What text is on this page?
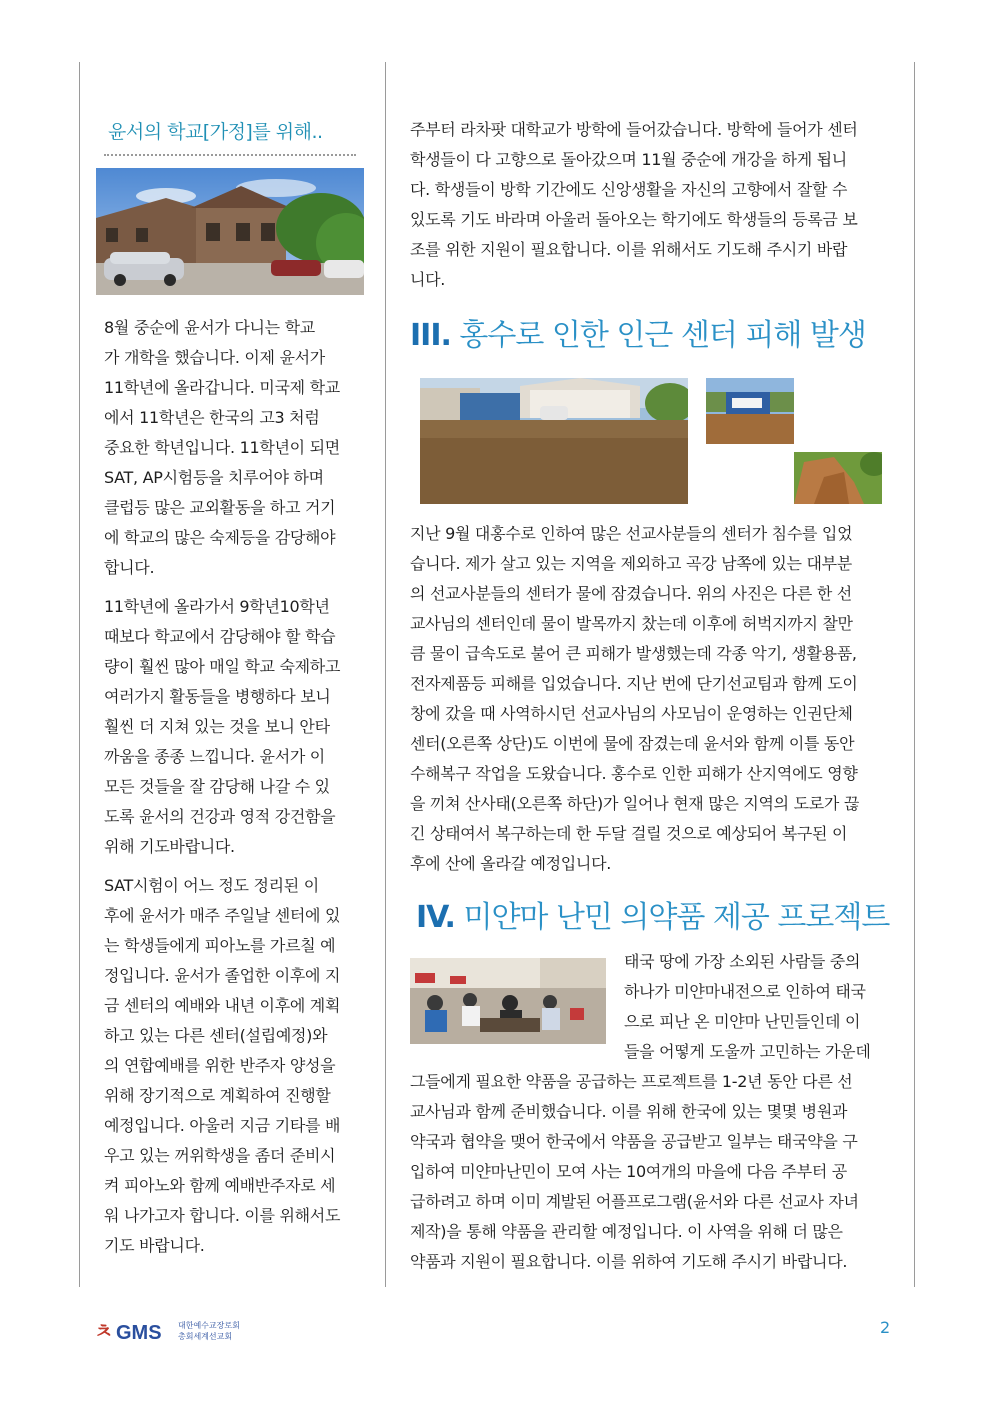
윤서의 학교[가정]를 위해..
8월 중순에 윤서가 다니는 학교
가 개학을 했습니다. 이제 윤서가
11학년에 올라갑니다. 미국제 학교
에서 11학년은 한국의 고3 처럼
중요한 학년입니다. 11학년이 되면
SAT, AP시험등을 치루어야 하며
클럽등 많은 교외활동을 하고 거기
에 학교의 많은 숙제등을 감당해야
합니다.
11학년에 올라가서 9학년10학년
때보다 학교에서 감당해야 할 학습
량이 훨씬 많아 매일 학교 숙제하고
여러가지 활동들을 병행하다 보니
훨씬 더 지쳐 있는 것을 보니 안타
까움을 종종 느낍니다. 윤서가 이
모든 것들을 잘 감당해 나갈 수 있
도록 윤서의 건강과 영적 강건함을
위해 기도바랍니다.
SAT시험이 어느 정도 정리된 이
후에 윤서가 매주 주일날 센터에 있
는 학생들에게 피아노를 가르칠 예
정입니다. 윤서가 졸업한 이후에 지
금 센터의 예배와 내년 이후에 계획
하고 있는 다른 센터(설립예정)와
의 연합예배를 위한 반주자 양성을
위해 장기적으로 계획하여 진행할
예정입니다. 아울러 지금 기타를 배
우고 있는 꺼위학생을 좀더 준비시
켜 피아노와 함께 예배반주자로 세
워 나가고자 합니다. 이를 위해서도
기도 바랍니다.
주부터 라차팟 대학교가 방학에 들어갔습니다. 방학에 들어가 센터
학생들이 다 고향으로 돌아갔으며 11월 중순에 개강을 하게 됩니
다. 학생들이 방학 기간에도 신앙생활을 자신의 고향에서 잘할 수
있도록 기도 바라며 아울러 돌아오는 학기에도 학생들의 등록금 보
조를 위한 지원이 필요합니다. 이를 위해서도 기도해 주시기 바랍
니다.
III. 홍수로 인한 인근 센터 피해 발생
지난 9월 대홍수로 인하여 많은 선교사분들의 센터가 침수를 입었
습니다. 제가 살고 있는 지역을 제외하고 곡강 남쪽에 있는 대부분
의 선교사분들의 센터가 물에 잠겼습니다. 위의 사진은 다른 한 선
교사님의 센터인데 물이 발목까지 찼는데 이후에 허벅지까지 찰만
큼 물이 급속도로 불어 큰 피해가 발생했는데 각종 악기, 생활용품,
전자제품등 피해를 입었습니다. 지난 번에 단기선교팀과 함께 도이
창에 갔을 때 사역하시던 선교사님의 사모님이 운영하는 인권단체
센터(오른쪽 상단)도 이번에 물에 잠겼는데 윤서와 함께 이틀 동안
수해복구 작업을 도왔습니다. 홍수로 인한 피해가 산지역에도 영향
을 끼쳐 산사태(오른쪽 하단)가 일어나 현재 많은 지역의 도로가 끊
긴 상태여서 복구하는데 한 두달 걸릴 것으로 예상되어 복구된 이
후에 산에 올라갈 예정입니다.
IV. 미얀마 난민 의약품 제공 프로젝트
태국 땅에 가장 소외된 사람들 중의
하나가 미얀마내전으로 인하여 태국
으로 피난 온 미얀마 난민들인데 이
들을 어떻게 도울까 고민하는 가운데
그들에게 필요한 약품을 공급하는 프로젝트를 1-2년 동안 다른 선
교사님과 함께 준비했습니다. 이를 위해 한국에 있는 몇몇 병원과
약국과 협약을 맺어 한국에서 약품을 공급받고 일부는 태국약을 구
입하여 미얀마난민이 모여 사는 10여개의 마을에 다음 주부터 공
급하려고 하며 이미 계발된 어플프로그램(윤서와 다른 선교사 자녀
제작)을 통해 약품을 관리할 예정입니다. 이 사역을 위해 더 많은
약품과 지원이 필요합니다. 이를 위하여 기도해 주시기 바랍니다.
ㅊ GMS 대한예수교장로회
총회세계선교회	2
